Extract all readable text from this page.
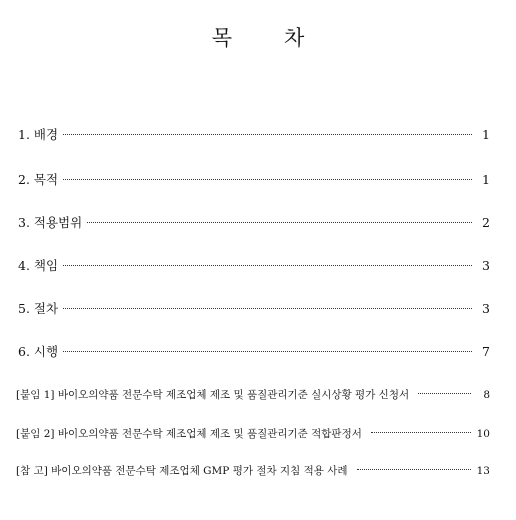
목 차
1. 배경	1
2. 목적	1
3. 적용범위	2
4. 책임	3
5. 절차	3
6. 시행	7
[붙임 1] 바이오의약품 전문수탁 제조업체 제조 및 품질관리기준 실시상황 평가 신청서	8
[붙임 2] 바이오의약품 전문수탁 제조업체 제조 및 품질관리기준 적합판정서	10
[참 고] 바이오의약품 전문수탁 제조업체 GMP 평가 절차 지침 적용 사례	13
